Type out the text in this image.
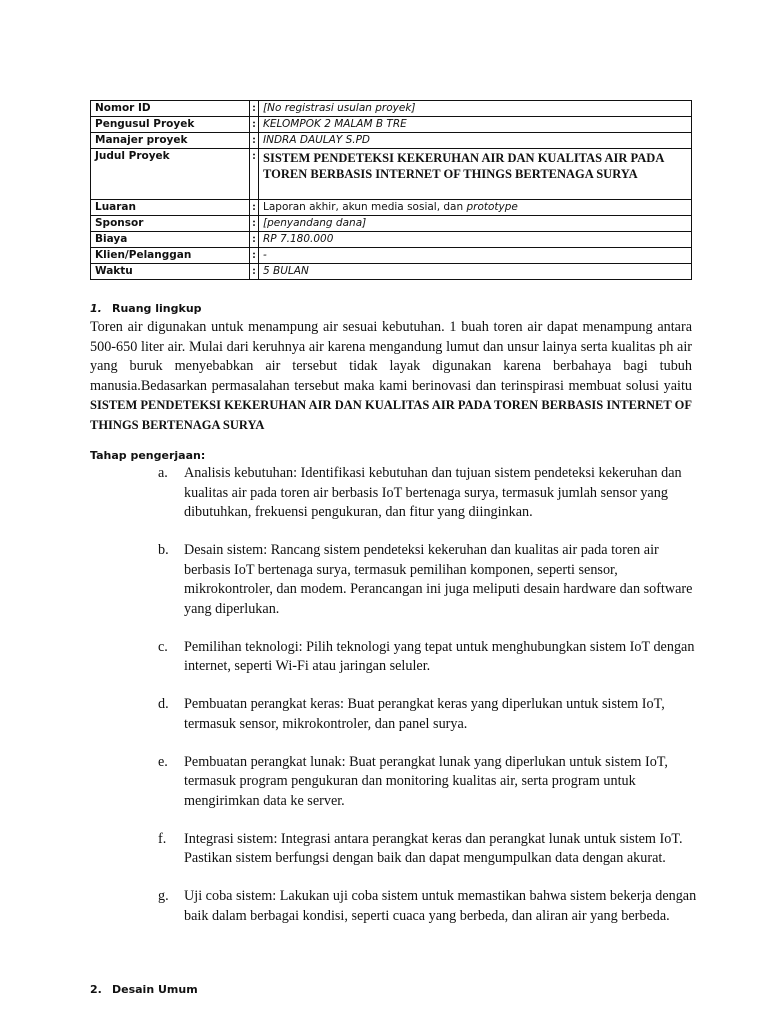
Nomor ID	:	[No registrasi usulan proyek]
Pengusul Proyek	:	KELOMPOK 2 MALAM B TRE
Manajer proyek	:	INDRA DAULAY S.PD
Judul Proyek	:	SISTEM PENDETEKSI KEKERUHAN AIR DAN KUALITAS AIR PADA TOREN BERBASIS INTERNET OF THINGS BERTENAGA SURYA
Luaran	:	Laporan akhir, akun media sosial, dan prototype
Sponsor	:	[penyandang dana]
Biaya	:	RP 7.180.000
Klien/Pelanggan	:	-
Waktu	:	5 BULAN
1. Ruang lingkup

Toren air digunakan untuk menampung air sesuai kebutuhan. 1 buah toren air dapat menampung antara 500-650 liter air. Mulai dari keruhnya air karena mengandung lumut dan unsur lainya serta kualitas ph air yang buruk menyebabkan air tersebut tidak layak digunakan karena berbahaya bagi tubuh manusia.Bedasarkan permasalahan tersebut maka kami berinovasi dan terinspirasi membuat solusi yaitu SISTEM PENDETEKSI KEKERUHAN AIR DAN KUALITAS AIR PADA TOREN BERBASIS INTERNET OF THINGS BERTENAGA SURYA

Tahap pengerjaan:
a. Analisis kebutuhan: Identifikasi kebutuhan dan tujuan sistem pendeteksi kekeruhan dan kualitas air pada toren air berbasis IoT bertenaga surya, termasuk jumlah sensor yang dibutuhkan, frekuensi pengukuran, dan fitur yang diinginkan.
b. Desain sistem: Rancang sistem pendeteksi kekeruhan dan kualitas air pada toren air berbasis IoT bertenaga surya, termasuk pemilihan komponen, seperti sensor, mikrokontroler, dan modem. Perancangan ini juga meliputi desain hardware dan software yang diperlukan.
c. Pemilihan teknologi: Pilih teknologi yang tepat untuk menghubungkan sistem IoT dengan internet, seperti Wi-Fi atau jaringan seluler.
d. Pembuatan perangkat keras: Buat perangkat keras yang diperlukan untuk sistem IoT, termasuk sensor, mikrokontroler, dan panel surya.
e. Pembuatan perangkat lunak: Buat perangkat lunak yang diperlukan untuk sistem IoT, termasuk program pengukuran dan monitoring kualitas air, serta program untuk mengirimkan data ke server.
f. Integrasi sistem: Integrasi antara perangkat keras dan perangkat lunak untuk sistem IoT. Pastikan sistem berfungsi dengan baik dan dapat mengumpulkan data dengan akurat.
g. Uji coba sistem: Lakukan uji coba sistem untuk memastikan bahwa sistem bekerja dengan baik dalam berbagai kondisi, seperti cuaca yang berbeda, dan aliran air yang berbeda.
2. Desain Umum
